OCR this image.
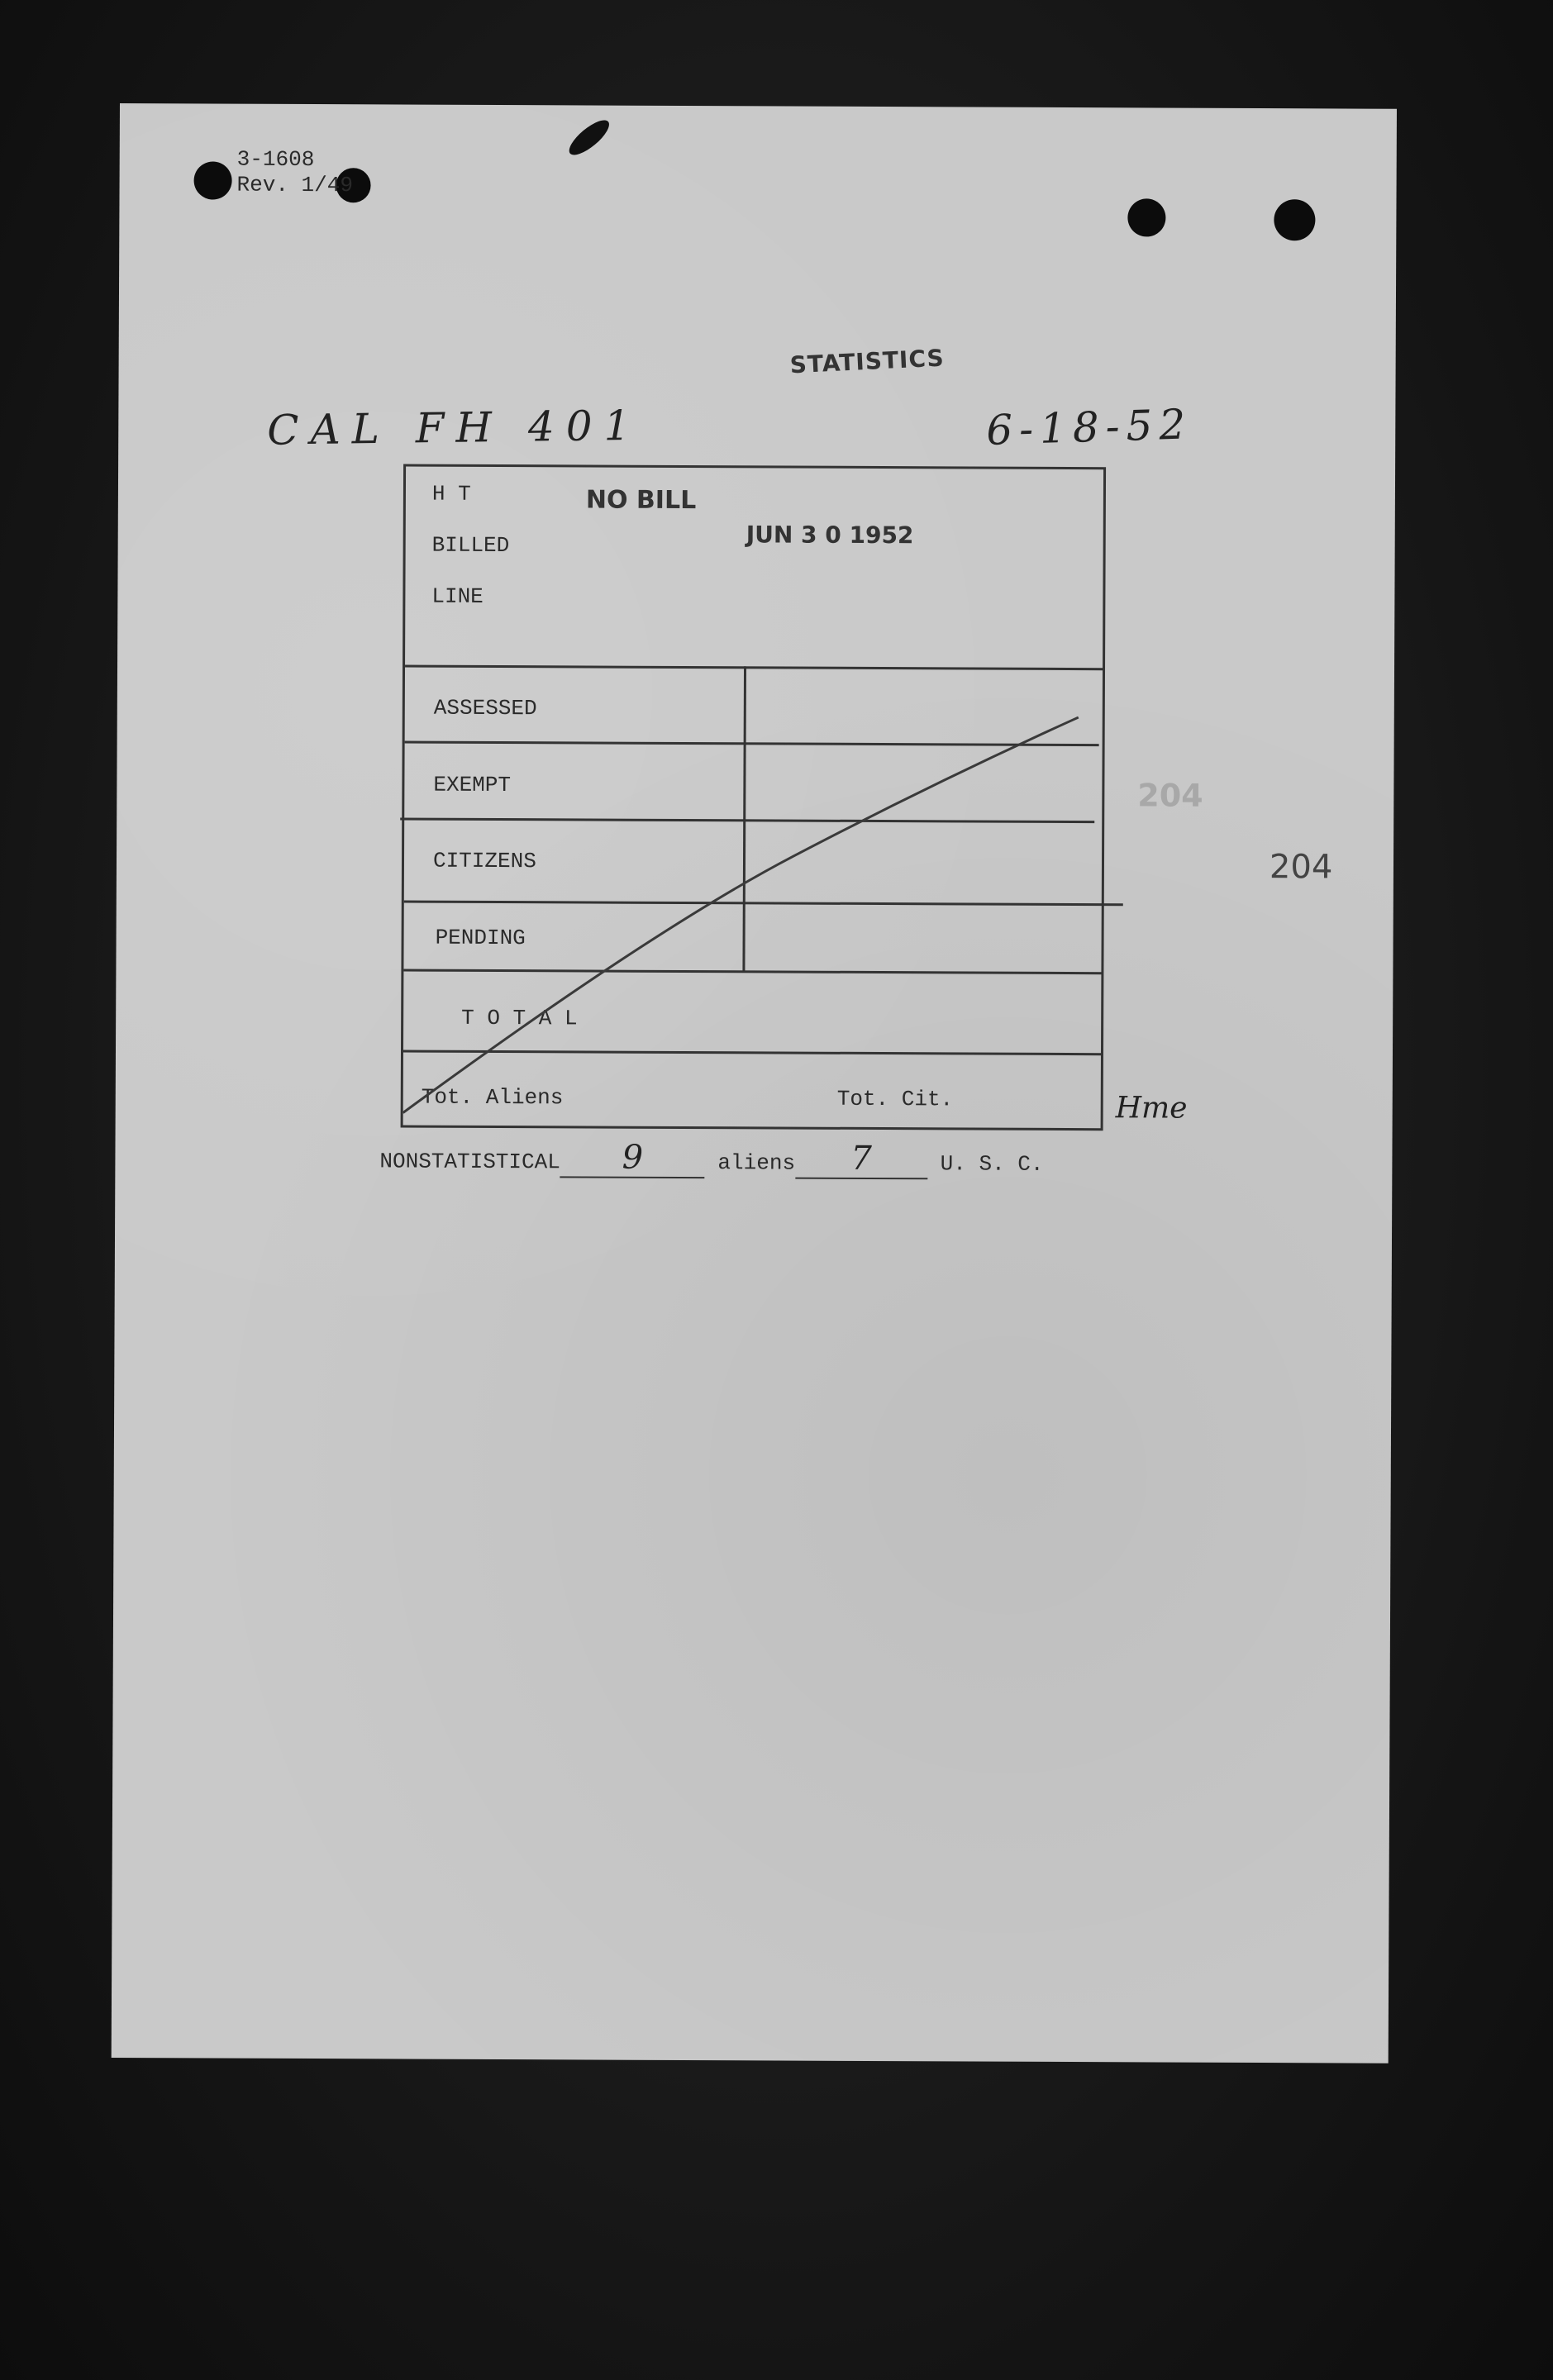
3-1608
Rev. 1/49
STATISTICS
CAL FH 401	6-18-52
204
204
H T
BILLED
LINE
NO BILL
JUN 3 0 1952
ASSESSED
EXEMPT
CITIZENS
PENDING
T O T A L
Tot. Aliens	Tot. Cit.	Hme
NONSTATISTICAL 9	aliens 7	U. S. C.
